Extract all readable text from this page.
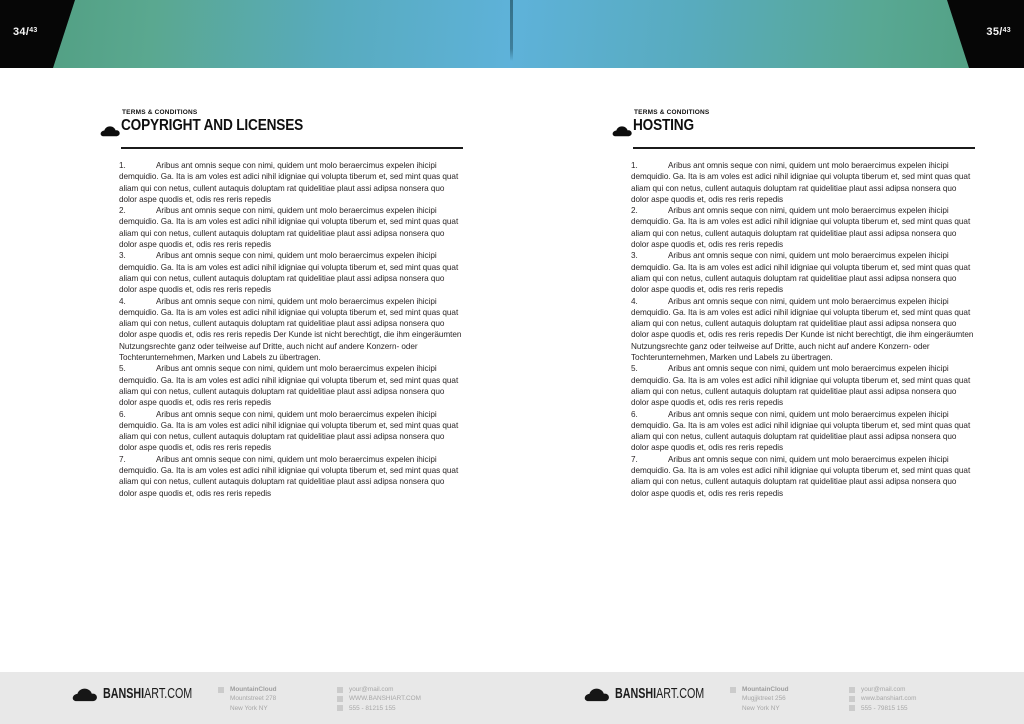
34/$^{43}$
TERMS & CONDITIONS
COPYRIGHT AND LICENSES

1.	Aribus ant omnis seque con nimi, quidem unt molo beraercimus expelen ihicipi demquidio. Ga. Ita is am voles est adici nihil idigniae qui volupta tiberum et, sed mint quas quat aliam qui con netus, cullent autaquis doluptam rat quidelitiae plaut assi adipsa nonsera quo dolor aspe quodis et, odis res reris repedis

2.	Aribus ant omnis seque con nimi, quidem unt molo beraercimus expelen ihicipi demquidio. Ga. Ita is am voles est adici nihil idigniae qui volupta tiberum et, sed mint quas quat aliam qui con netus, cullent autaquis doluptam rat quidelitiae plaut assi adipsa nonsera quo dolor aspe quodis et, odis res reris repedis

3.	Aribus ant omnis seque con nimi, quidem unt molo beraercimus expelen ihicipi demquidio. Ga. Ita is am voles est adici nihil idigniae qui volupta tiberum et, sed mint quas quat aliam qui con netus, cullent autaquis doluptam rat quidelitiae plaut assi adipsa nonsera quo dolor aspe quodis et, odis res reris repedis

4.	Aribus ant omnis seque con nimi, quidem unt molo beraercimus expelen ihicipi demquidio. Ga. Ita is am voles est adici nihil idigniae qui volupta tiberum et, sed mint quas quat aliam qui con netus, cullent autaquis doluptam rat quidelitiae plaut assi adipsa nonsera quo dolor aspe quodis et, odis res reris repedis Der Kunde ist nicht berechtigt, die ihm eingeräumten Nutzungsrechte ganz oder teilweise auf Dritte, auch nicht auf andere Konzern- oder Tochterunternehmen, Marken und Labels zu übertragen.

5.	Aribus ant omnis seque con nimi, quidem unt molo beraercimus expelen ihicipi demquidio. Ga. Ita is am voles est adici nihil idigniae qui volupta tiberum et, sed mint quas quat aliam qui con netus, cullent autaquis doluptam rat quidelitiae plaut assi adipsa nonsera quo dolor aspe quodis et, odis res reris repedis

6.	Aribus ant omnis seque con nimi, quidem unt molo beraercimus expelen ihicipi demquidio. Ga. Ita is am voles est adici nihil idigniae qui volupta tiberum et, sed mint quas quat aliam qui con netus, cullent autaquis doluptam rat quidelitiae plaut assi adipsa nonsera quo dolor aspe quodis et, odis res reris repedis

7.	Aribus ant omnis seque con nimi, quidem unt molo beraercimus expelen ihicipi demquidio. Ga. Ita is am voles est adici nihil idigniae qui volupta tiberum et, sed mint quas quat aliam qui con netus, cullent autaquis doluptam rat quidelitiae plaut assi adipsa nonsera quo dolor aspe quodis et, odis res reris repedis

BANSHIART.COM	MountainCloud
Mountstreet 278
New York NY
your@mail.com
WWW.BANSHIART.COM
555 - 81215 155
35/$^{43}$
TERMS & CONDITIONS
HOSTING

1.	Aribus ant omnis seque con nimi, quidem unt molo beraercimus expelen ihicipi demquidio. Ga. Ita is am voles est adici nihil idigniae qui volupta tiberum et, sed mint quas quat aliam qui con netus, cullent autaquis doluptam rat quidelitiae plaut assi adipsa nonsera quo dolor aspe quodis et, odis res reris repedis

2.	Aribus ant omnis seque con nimi, quidem unt molo beraercimus expelen ihicipi demquidio. Ga. Ita is am voles est adici nihil idigniae qui volupta tiberum et, sed mint quas quat aliam qui con netus, cullent autaquis doluptam rat quidelitiae plaut assi adipsa nonsera quo dolor aspe quodis et, odis res reris repedis

3.	Aribus ant omnis seque con nimi, quidem unt molo beraercimus expelen ihicipi demquidio. Ga. Ita is am voles est adici nihil idigniae qui volupta tiberum et, sed mint quas quat aliam qui con netus, cullent autaquis doluptam rat quidelitiae plaut assi adipsa nonsera quo dolor aspe quodis et, odis res reris repedis

4.	Aribus ant omnis seque con nimi, quidem unt molo beraercimus expelen ihicipi demquidio. Ga. Ita is am voles est adici nihil idigniae qui volupta tiberum et, sed mint quas quat aliam qui con netus, cullent autaquis doluptam rat quidelitiae plaut assi adipsa nonsera quo dolor aspe quodis et, odis res reris repedis Der Kunde ist nicht berechtigt, die ihm eingeräumten Nutzungsrechte ganz oder teilweise auf Dritte, auch nicht auf andere Konzern- oder Tochterunternehmen, Marken und Labels zu übertragen.

5.	Aribus ant omnis seque con nimi, quidem unt molo beraercimus expelen ihicipi demquidio. Ga. Ita is am voles est adici nihil idigniae qui volupta tiberum et, sed mint quas quat aliam qui con netus, cullent autaquis doluptam rat quidelitiae plaut assi adipsa nonsera quo dolor aspe quodis et, odis res reris repedis

6.	Aribus ant omnis seque con nimi, quidem unt molo beraercimus expelen ihicipi demquidio. Ga. Ita is am voles est adici nihil idigniae qui volupta tiberum et, sed mint quas quat aliam qui con netus, cullent autaquis doluptam rat quidelitiae plaut assi adipsa nonsera quo dolor aspe quodis et, odis res reris repedis

7.	Aribus ant omnis seque con nimi, quidem unt molo beraercimus expelen ihicipi demquidio. Ga. Ita is am voles est adici nihil idigniae qui volupta tiberum et, sed mint quas quat aliam qui con netus, cullent autaquis doluptam rat quidelitiae plaut assi adipsa nonsera quo dolor aspe quodis et, odis res reris repedis

BANSHIART.COM	MountainCloud
Mugjjktreet 256
New York NY
your@mail.com
www.banshiart.com
555 - 79815 155
